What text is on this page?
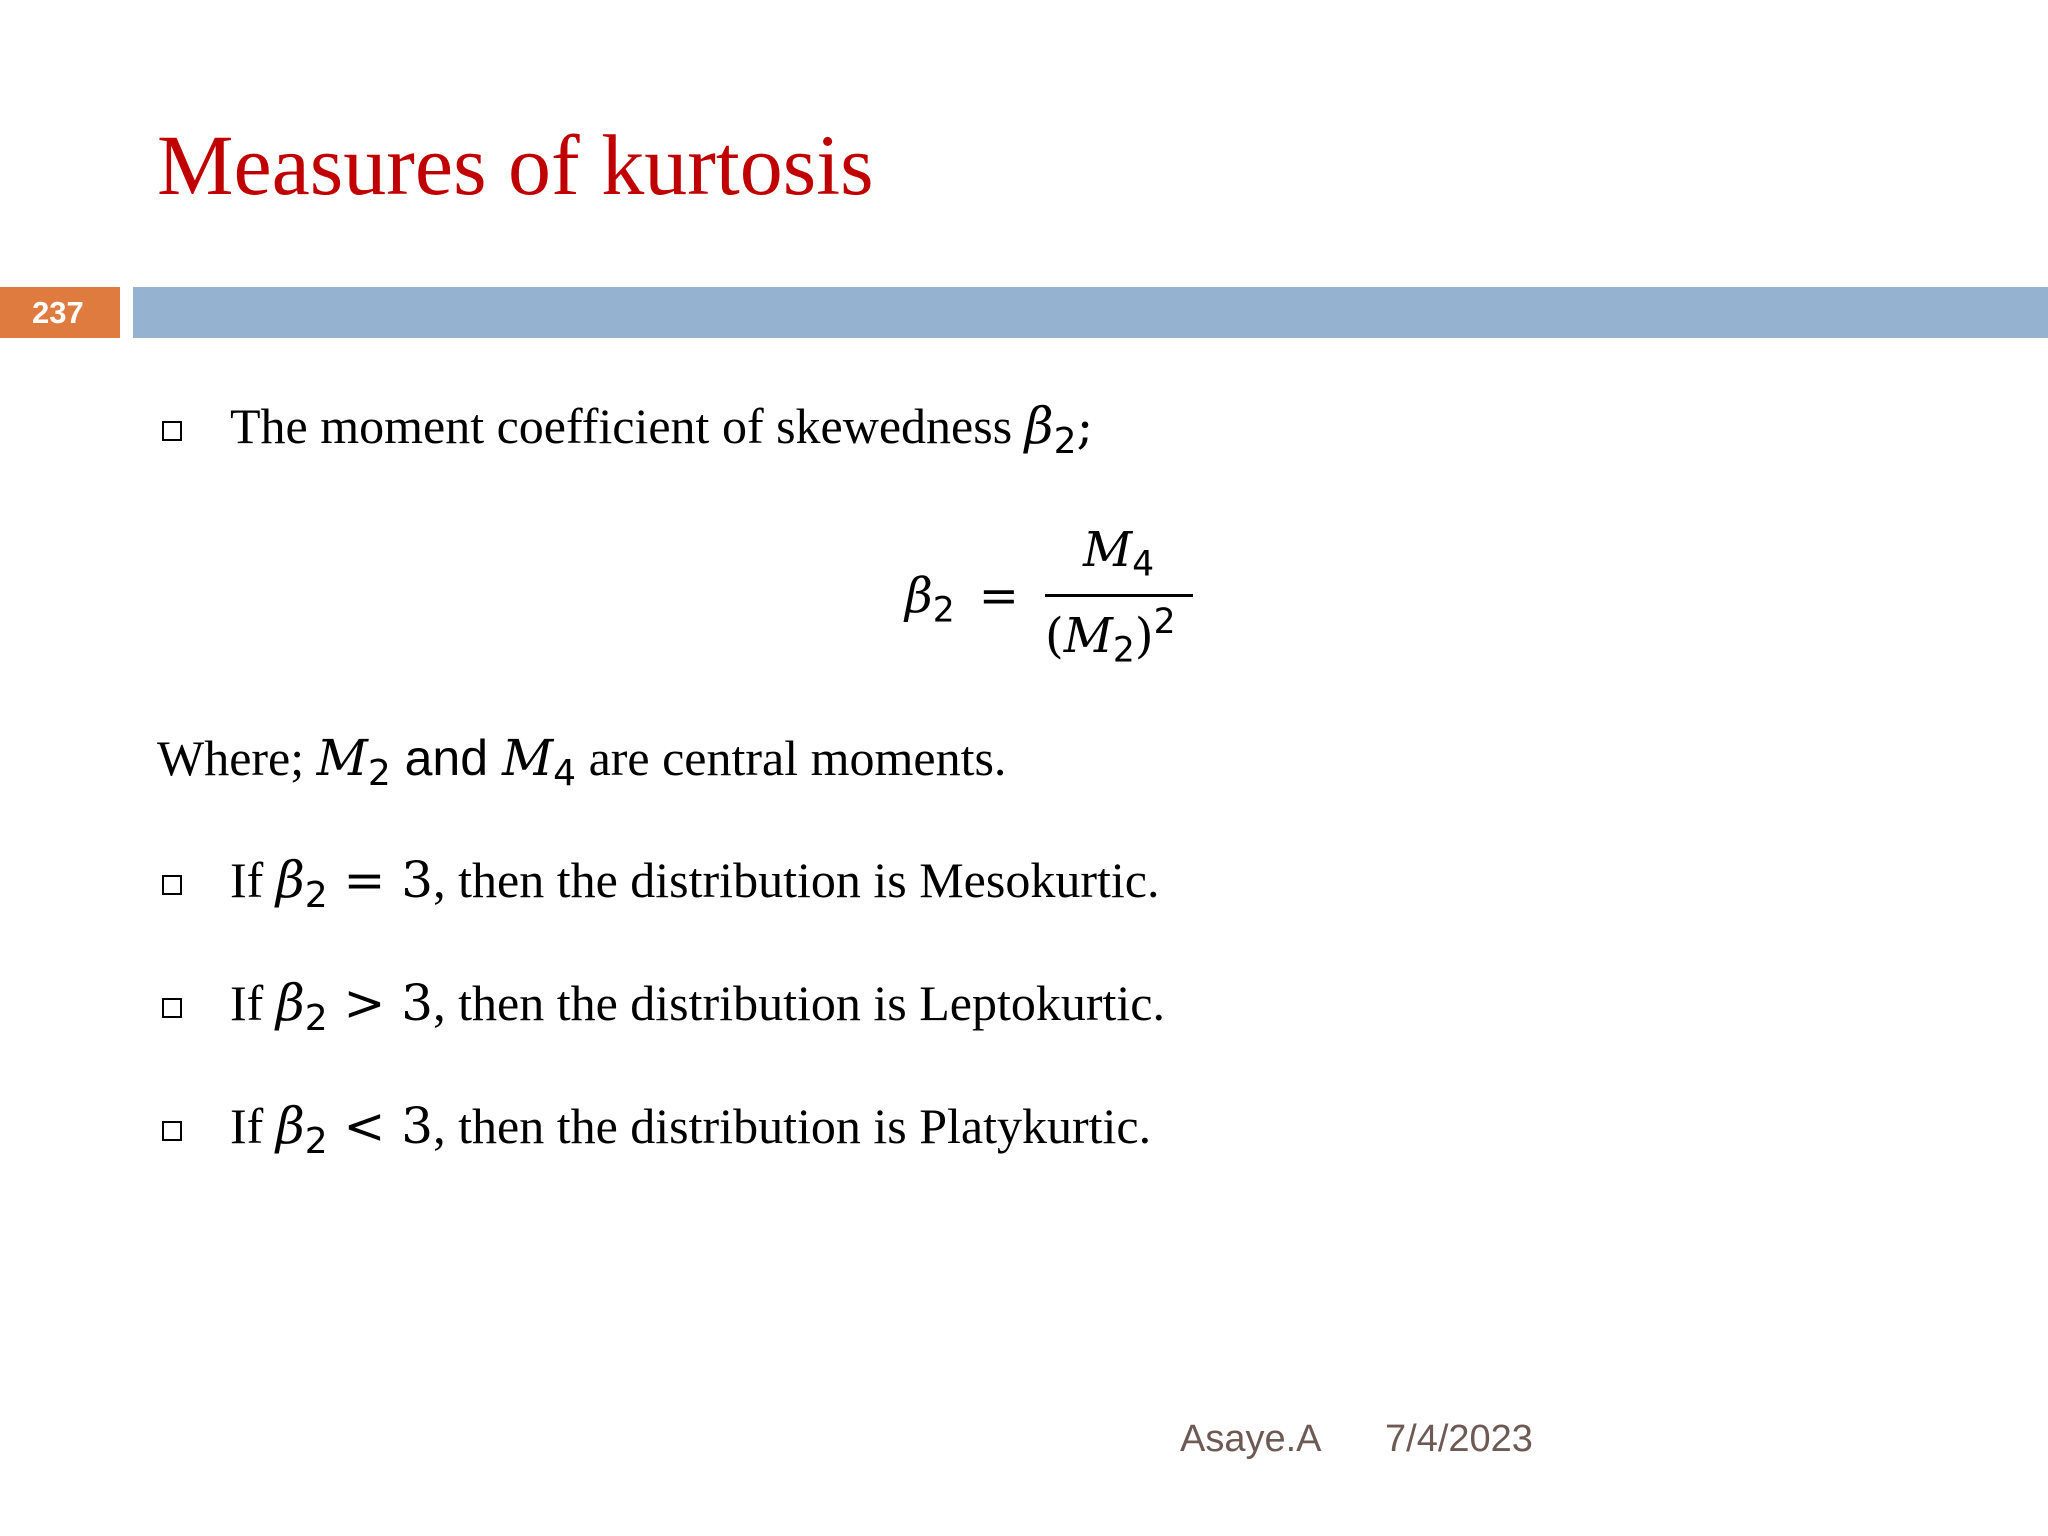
Measures of kurtosis
237
The moment coefficient of skewedness $\beta_2$;
$\beta_2$ =
$M_4$
$(M_2)^2$
Where; $M_2$ and $M_4$ are central moments.
If $\beta_2 = 3$, then the distribution is Mesokurtic.
If $\beta_2 > 3$, then the distribution is Leptokurtic.
If $\beta_2 < 3$, then the distribution is Platykurtic.
Asaye.A 7/4/2023
